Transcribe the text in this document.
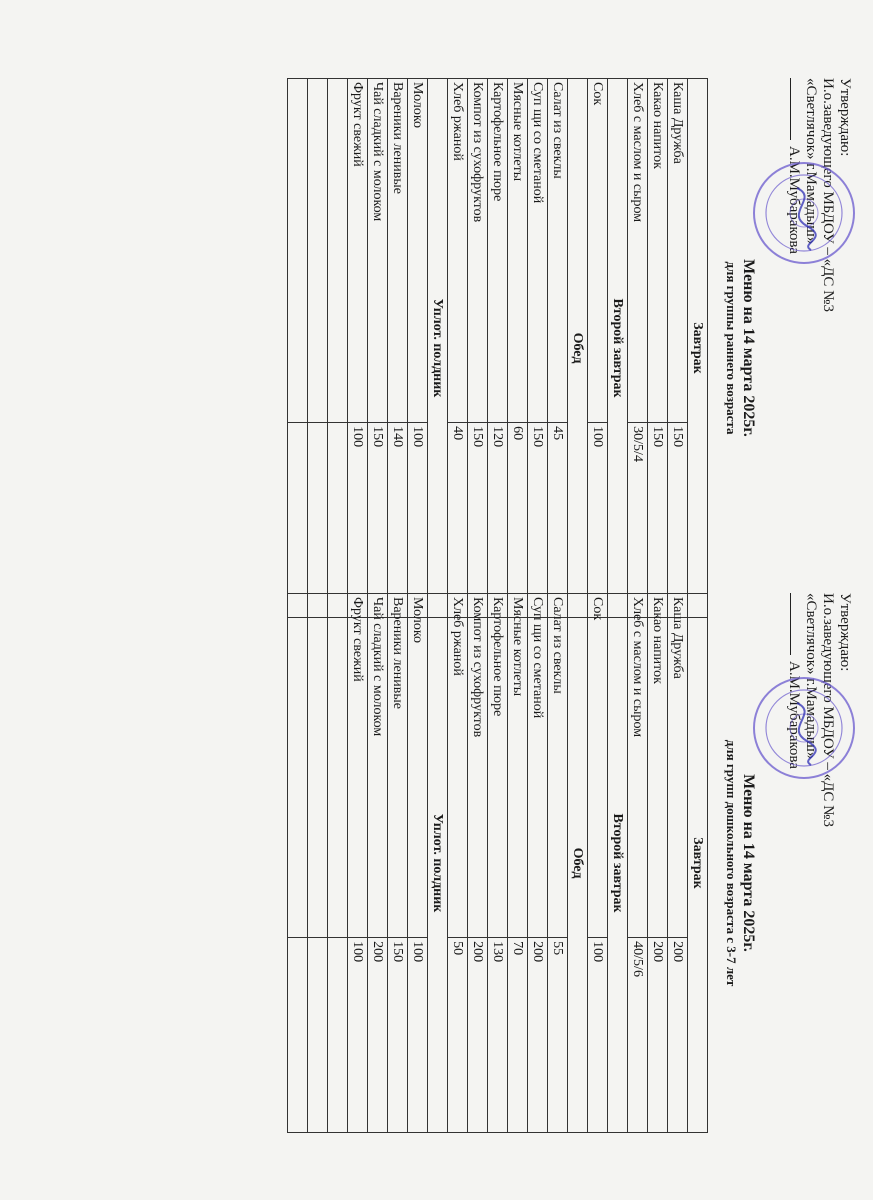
Утверждаю:
И.о.заведующего МБДОУ – «ДС №3
«Светлячок» г.Мамадыш»
А.М.Мубаракова
Меню на 14 марта 2025г.
для группы раннего возраста
Завтрак	
Каша Дружба	150
Какао напиток	150
Хлеб с маслом и сыром	30/5/4
Второй завтрак	
Сок	100
Обед	
Салат из свеклы	45
Суп щи со сметаной	150
Мясные котлеты	60
Картофельное пюре	120
Компот из сухофруктов	150
Хлеб ржаной	40
Уплот. полдник	
Молоко	100
Вареники ленивые	140
Чай сладкий с молоком	150
Фрукт свежий	100

Утверждаю:
И.о.заведующего МБДОУ – «ДС №3
«Светлячок» г.Мамадыш»
А.М.Мубаракова
Меню на 14 марта 2025г.
для групп дошкольного возраста с 3-7 лет
Завтрак	
Каша Дружба	200
Какао напиток	200
Хлеб с маслом и сыром	40/5/6
Второй завтрак	
Сок	100
Обед	
Салат из свеклы	55
Суп щи со сметаной	200
Мясные котлеты	70
Картофельное пюре	130
Компот из сухофруктов	200
Хлеб ржаной	50
Уплот. полдник	
Молоко	100
Вареники ленивые	150
Чай сладкий с молоком	200
Фрукт свежий	100
